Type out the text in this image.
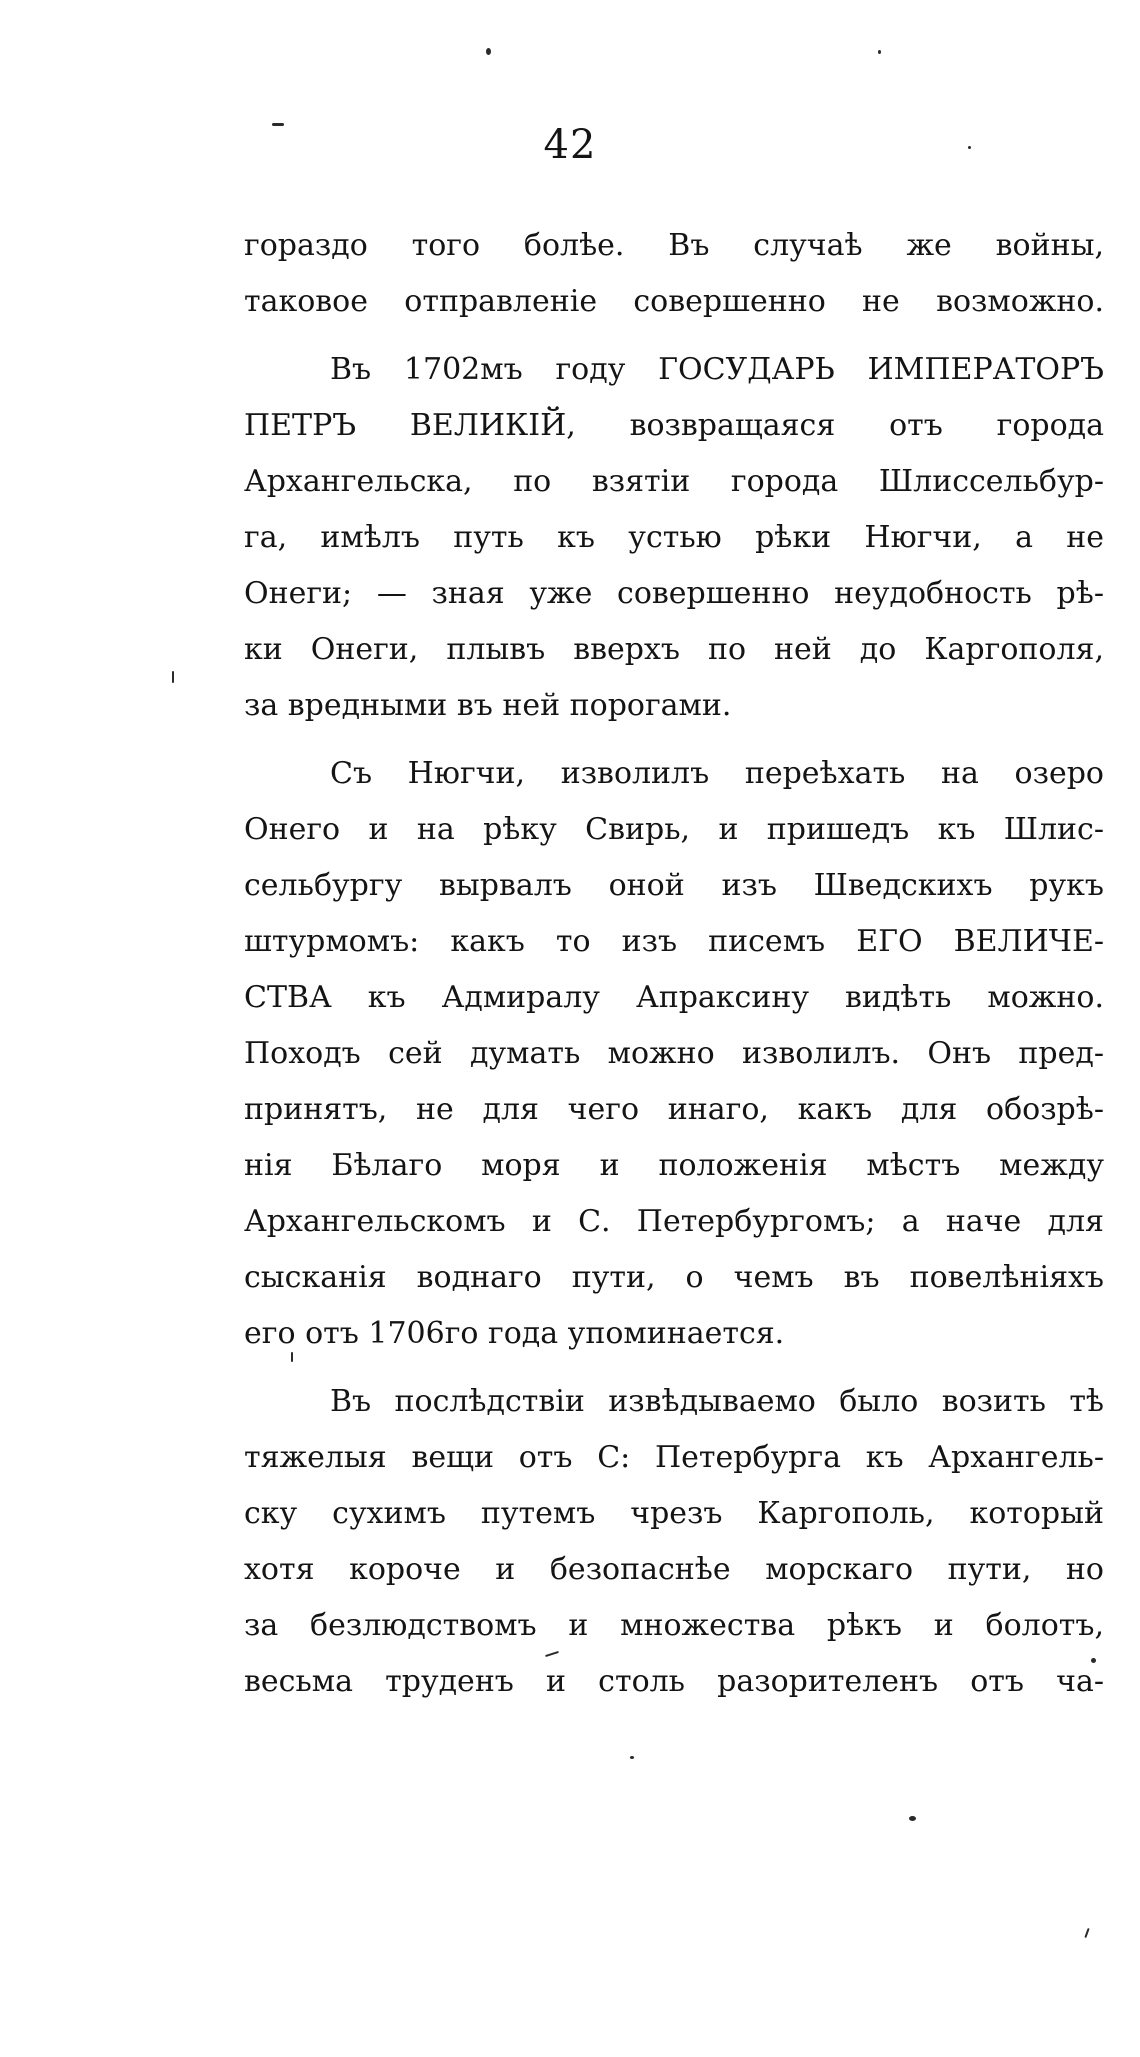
42
гораздо того болѣе. Въ случаѣ же войны,
таковое отправленіе совершенно не возможно.
Въ 1702мъ году ГОСУДАРЬ ИМПЕРАТОРЪ
ПЕТРЪ ВЕЛИКІЙ, возвращаяся отъ города
Архангельска, по взятіи города Шлиссельбур-
га, имѣлъ путь къ устью рѣки Нюгчи, а не
Онеги; — зная уже совершенно неудобность рѣ-
ки Онеги, плывъ вверхъ по ней до Каргополя,
за вредными въ ней порогами.
Съ Нюгчи, изволилъ переѣхать на озеро
Онего и на рѣку Свирь, и пришедъ къ Шлис-
сельбургу вырвалъ оной изъ Шведскихъ рукъ
штурмомъ: какъ то изъ писемъ ЕГО ВЕЛИЧЕ-
СТВА къ Адмиралу Апраксину видѣть можно.
Походъ сей думать можно изволилъ. Онъ пред-
принятъ, не для чего инаго, какъ для обозрѣ-
нія Бѣлаго моря и положенія мѣстъ между
Архангельскомъ и С. Петербургомъ; а наче для
сысканія воднаго пути, о чемъ въ повелѣніяхъ
его отъ 1706го года упоминается.
Въ послѣдствіи извѣдываемо было возить тѣ
тяжелыя вещи отъ С: Петербурга къ Архангель-
ску сухимъ путемъ чрезъ Каргополь, который
хотя короче и безопаснѣе морскаго пути, но
за безлюдствомъ и множества рѣкъ и болотъ,
весьма труденъ и столь разорителенъ отъ ча-
